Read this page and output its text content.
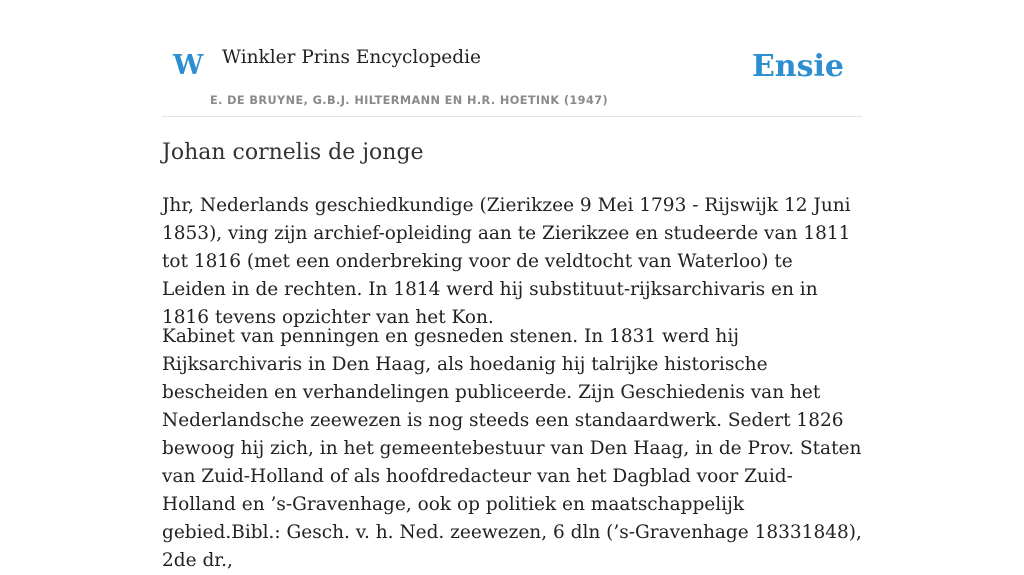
W Winkler Prins Encyclopedie
E. DE BRUYNE, G.B.J. HILTERMANN EN H.R. HOETINK (1947)
Ensie
Johan cornelis de jonge

Jhr, Nederlands geschiedkundige (Zierikzee 9 Mei 1793 - Rijswijk 12 Juni 1853), ving zijn archief-opleiding aan te Zierikzee en studeerde van 1811 tot 1816 (met een onderbreking voor de veldtocht van Waterloo) te Leiden in de rechten. In 1814 werd hij substituut-rijksarchivaris en in 1816 tevens opzichter van het Kon.

Kabinet van penningen en gesneden stenen. In 1831 werd hij Rijksarchivaris in Den Haag, als hoedanig hij talrijke historische bescheiden en verhandelingen publiceerde. Zijn Geschiedenis van het Nederlandsche zeewezen is nog steeds een standaardwerk. Sedert 1826 bewoog hij zich, in het gemeentebestuur van Den Haag, in de Prov. Staten van Zuid-Holland of als hoofdredacteur van het Dagblad voor Zuid-Holland en ’s-Gravenhage, ook op politiek en maatschappelijk gebied.Bibl.: Gesch. v. h. Ned. zeewezen, 6 dln (’s-Gravenhage 18331848), 2de dr.,
